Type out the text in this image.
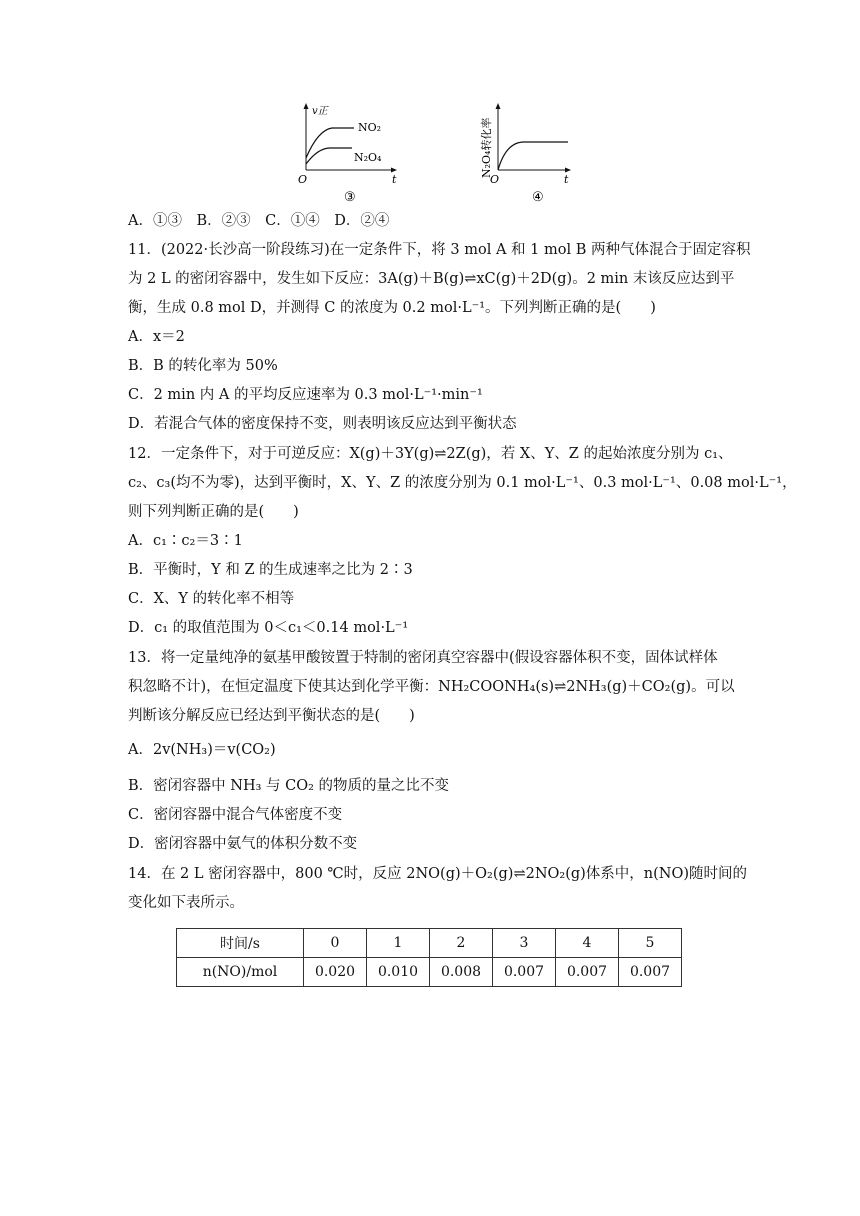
v正
NO₂
N₂O₄
O	t
③
N₂O₄转化率
O	t
④
A．①③　B．②③　C．①④　D．②④
11．(2022·长沙高一阶段练习)在一定条件下，将 3 mol A 和 1 mol B 两种气体混合于固定容积
为 2 L 的密闭容器中，发生如下反应：3A(g)＋B(g)⇌xC(g)＋2D(g)。2 min 末该反应达到平
衡，生成 0.8 mol D，并测得 C 的浓度为 0.2 mol·L⁻¹。下列判断正确的是(　　)
A．x＝2
B．B 的转化率为 50%
C．2 min 内 A 的平均反应速率为 0.3 mol·L⁻¹·min⁻¹
D．若混合气体的密度保持不变，则表明该反应达到平衡状态
12．一定条件下，对于可逆反应：X(g)＋3Y(g)⇌2Z(g)，若 X、Y、Z 的起始浓度分别为 c₁、
c₂、c₃(均不为零)，达到平衡时，X、Y、Z 的浓度分别为 0.1 mol·L⁻¹、0.3 mol·L⁻¹、0.08 mol·L⁻¹，
则下列判断正确的是(　　)
A．c₁∶c₂＝3∶1
B．平衡时，Y 和 Z 的生成速率之比为 2∶3
C．X、Y 的转化率不相等
D．c₁ 的取值范围为 0＜c₁＜0.14 mol·L⁻¹
13．将一定量纯净的氨基甲酸铵置于特制的密闭真空容器中(假设容器体积不变，固体试样体
积忽略不计)，在恒定温度下使其达到化学平衡：NH₂COONH₄(s)⇌2NH₃(g)＋CO₂(g)。可以
判断该分解反应已经达到平衡状态的是(　　)
A．2v(NH₃)＝v(CO₂)
B．密闭容器中 NH₃ 与 CO₂ 的物质的量之比不变
C．密闭容器中混合气体密度不变
D．密闭容器中氨气的体积分数不变
14．在 2 L 密闭容器中，800 ℃时，反应 2NO(g)＋O₂(g)⇌2NO₂(g)体系中，n(NO)随时间的
变化如下表所示。
时间/s	0	1	2	3	4	5
n(NO)/mol	0.020	0.010	0.008	0.007	0.007	0.007
